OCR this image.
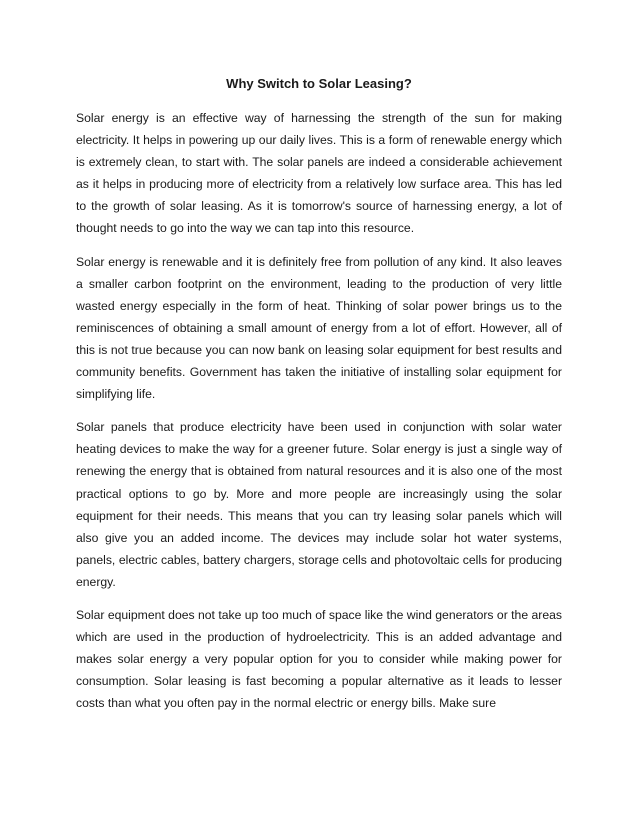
Why Switch to Solar Leasing?

Solar energy is an effective way of harnessing the strength of the sun for making electricity. It helps in powering up our daily lives. This is a form of renewable energy which is extremely clean, to start with. The solar panels are indeed a considerable achievement as it helps in producing more of electricity from a relatively low surface area. This has led to the growth of solar leasing. As it is tomorrow's source of harnessing energy, a lot of thought needs to go into the way we can tap into this resource.

Solar energy is renewable and it is definitely free from pollution of any kind. It also leaves a smaller carbon footprint on the environment, leading to the production of very little wasted energy especially in the form of heat. Thinking of solar power brings us to the reminiscences of obtaining a small amount of energy from a lot of effort. However, all of this is not true because you can now bank on leasing solar equipment for best results and community benefits. Government has taken the initiative of installing solar equipment for simplifying life.

Solar panels that produce electricity have been used in conjunction with solar water heating devices to make the way for a greener future. Solar energy is just a single way of renewing the energy that is obtained from natural resources and it is also one of the most practical options to go by. More and more people are increasingly using the solar equipment for their needs. This means that you can try leasing solar panels which will also give you an added income. The devices may include solar hot water systems, panels, electric cables, battery chargers, storage cells and photovoltaic cells for producing energy.

Solar equipment does not take up too much of space like the wind generators or the areas which are used in the production of hydroelectricity. This is an added advantage and makes solar energy a very popular option for you to consider while making power for consumption. Solar leasing is fast becoming a popular alternative as it leads to lesser costs than what you often pay in the normal electric or energy bills. Make sure
